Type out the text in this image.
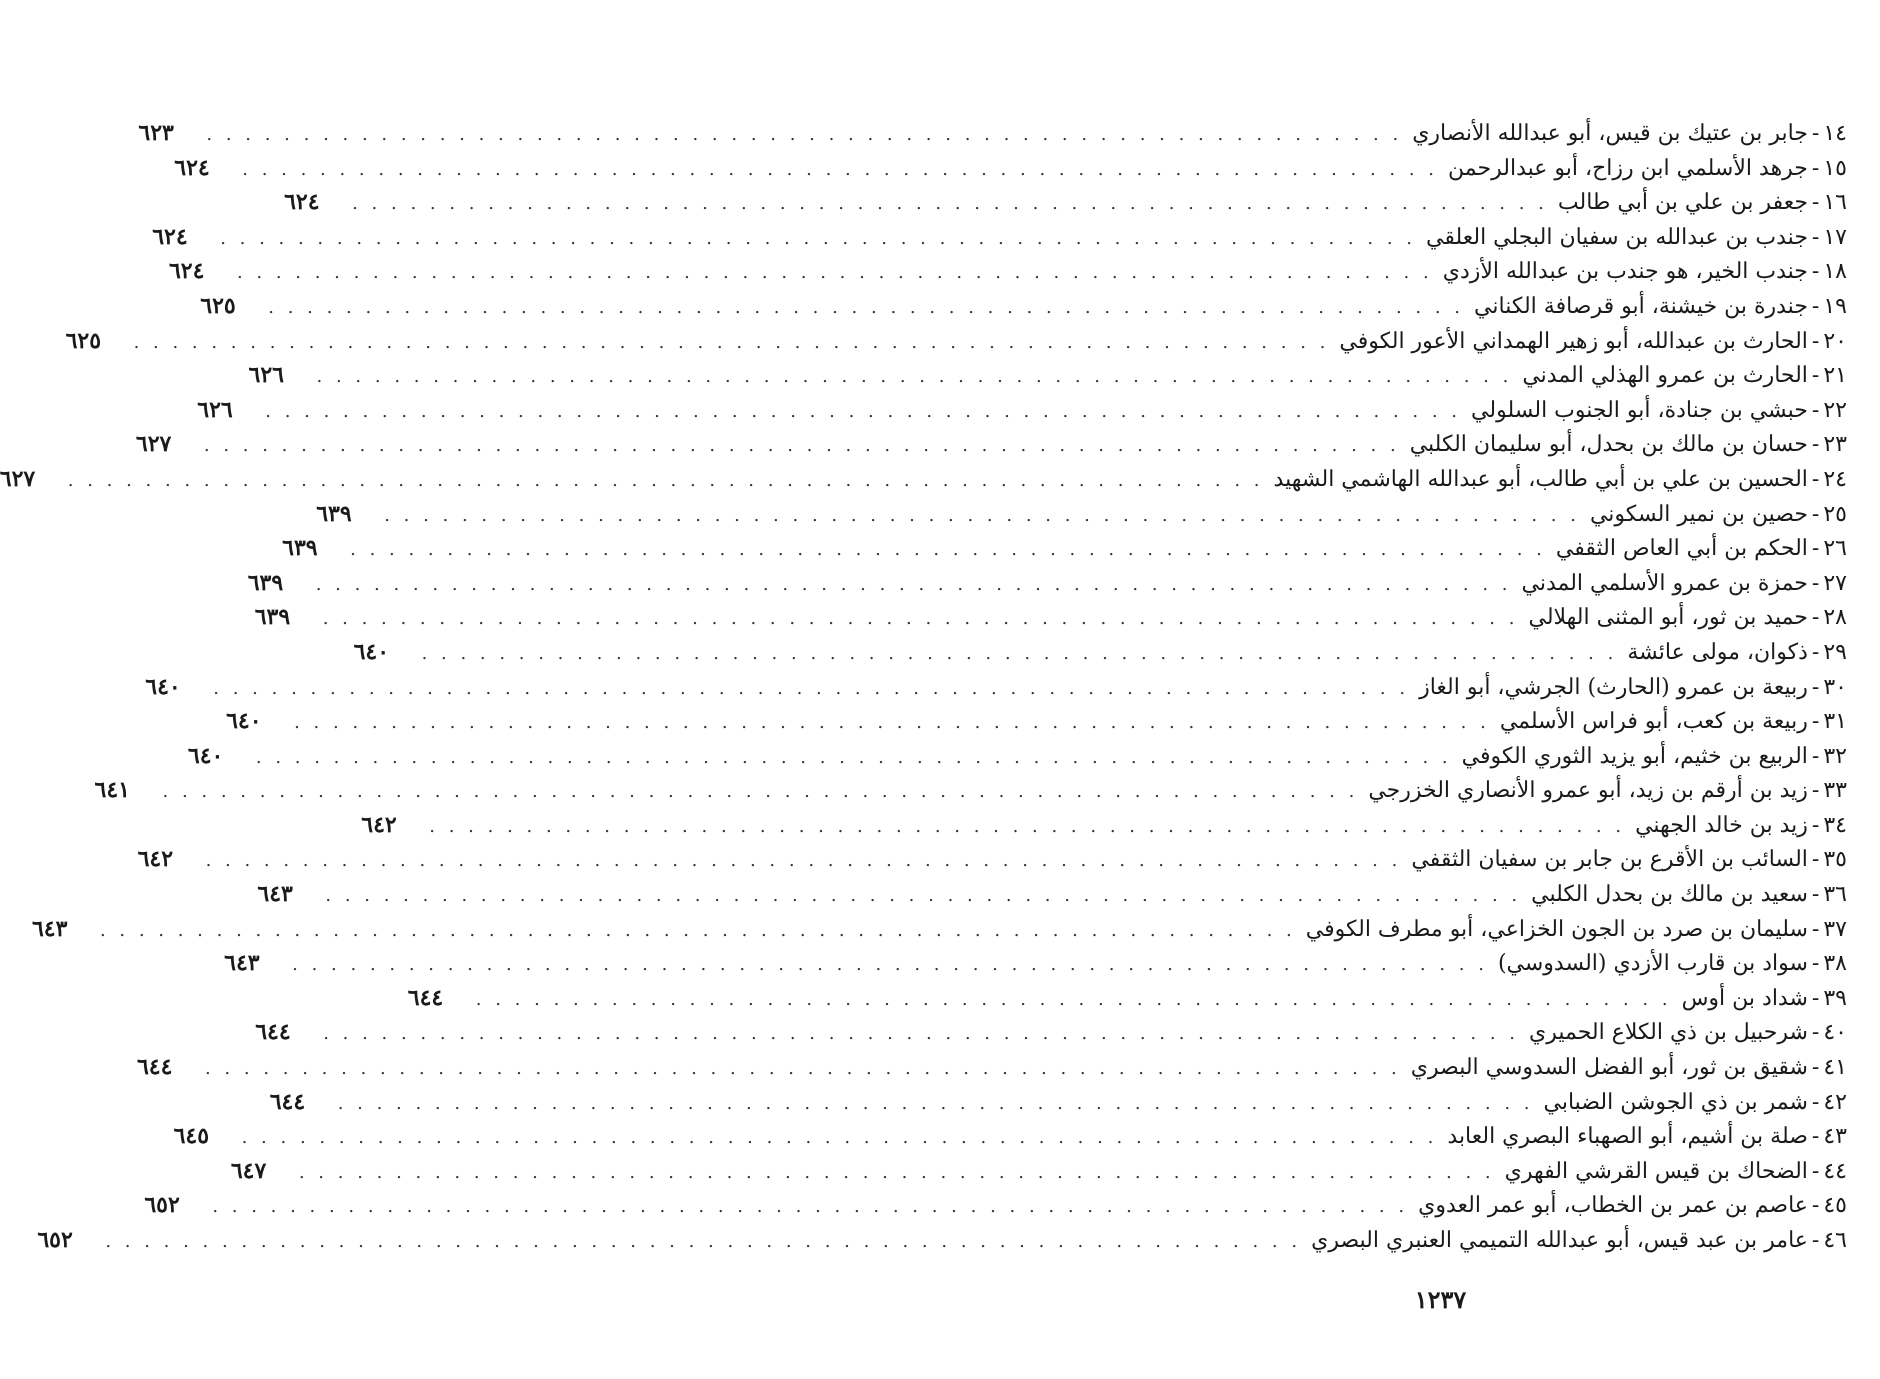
١٤
-
جابر بن عتيك بن قيس، أبو عبدالله الأنصاري
. . . . . . . . . . . . . . . . . . . . . . . . . . . . . . . . . . . . . . . . . . . . . . . . . . . . . . . . . . . . . .
٦٢٣
١٥
-
جرهد الأسلمي ابن رزاح، أبو عبدالرحمن
. . . . . . . . . . . . . . . . . . . . . . . . . . . . . . . . . . . . . . . . . . . . . . . . . . . . . . . . . . . . . .
٦٢٤
١٦
-
جعفر بن علي بن أبي طالب
. . . . . . . . . . . . . . . . . . . . . . . . . . . . . . . . . . . . . . . . . . . . . . . . . . . . . . . . . . . . . .
٦٢٤
١٧
-
جندب بن عبدالله بن سفيان البجلي العلقي
. . . . . . . . . . . . . . . . . . . . . . . . . . . . . . . . . . . . . . . . . . . . . . . . . . . . . . . . . . . . . .
٦٢٤
١٨
-
جندب الخير، هو جندب بن عبدالله الأزدي
. . . . . . . . . . . . . . . . . . . . . . . . . . . . . . . . . . . . . . . . . . . . . . . . . . . . . . . . . . . . . .
٦٢٤
١٩
-
جندرة بن خيشنة، أبو قرصافة الكناني
. . . . . . . . . . . . . . . . . . . . . . . . . . . . . . . . . . . . . . . . . . . . . . . . . . . . . . . . . . . . . .
٦٢٥
٢٠
-
الحارث بن عبدالله، أبو زهير الهمداني الأعور الكوفي
. . . . . . . . . . . . . . . . . . . . . . . . . . . . . . . . . . . . . . . . . . . . . . . . . . . . . . . . . . . . . .
٦٢٥
٢١
-
الحارث بن عمرو الهذلي المدني
. . . . . . . . . . . . . . . . . . . . . . . . . . . . . . . . . . . . . . . . . . . . . . . . . . . . . . . . . . . . . .
٦٢٦
٢٢
-
حبشي بن جنادة، أبو الجنوب السلولي
. . . . . . . . . . . . . . . . . . . . . . . . . . . . . . . . . . . . . . . . . . . . . . . . . . . . . . . . . . . . . .
٦٢٦
٢٣
-
حسان بن مالك بن بحدل، أبو سليمان الكلبي
. . . . . . . . . . . . . . . . . . . . . . . . . . . . . . . . . . . . . . . . . . . . . . . . . . . . . . . . . . . . . .
٦٢٧
٢٤
-
الحسين بن علي بن أبي طالب، أبو عبدالله الهاشمي الشهيد
. . . . . . . . . . . . . . . . . . . . . . . . . . . . . . . . . . . . . . . . . . . . . . . . . . . . . . . . . . . . . .
٦٢٧
٢٥
-
حصين بن نمير السكوني
. . . . . . . . . . . . . . . . . . . . . . . . . . . . . . . . . . . . . . . . . . . . . . . . . . . . . . . . . . . . . .
٦٣٩
٢٦
-
الحكم بن أبي العاص الثقفي
. . . . . . . . . . . . . . . . . . . . . . . . . . . . . . . . . . . . . . . . . . . . . . . . . . . . . . . . . . . . . .
٦٣٩
٢٧
-
حمزة بن عمرو الأسلمي المدني
. . . . . . . . . . . . . . . . . . . . . . . . . . . . . . . . . . . . . . . . . . . . . . . . . . . . . . . . . . . . . .
٦٣٩
٢٨
-
حميد بن ثور، أبو المثنى الهلالي
. . . . . . . . . . . . . . . . . . . . . . . . . . . . . . . . . . . . . . . . . . . . . . . . . . . . . . . . . . . . . .
٦٣٩
٢٩
-
ذكوان، مولى عائشة
. . . . . . . . . . . . . . . . . . . . . . . . . . . . . . . . . . . . . . . . . . . . . . . . . . . . . . . . . . . . . .
٦٤٠
٣٠
-
ربيعة بن عمرو (الحارث) الجرشي، أبو الغاز
. . . . . . . . . . . . . . . . . . . . . . . . . . . . . . . . . . . . . . . . . . . . . . . . . . . . . . . . . . . . . .
٦٤٠
٣١
-
ربيعة بن كعب، أبو فراس الأسلمي
. . . . . . . . . . . . . . . . . . . . . . . . . . . . . . . . . . . . . . . . . . . . . . . . . . . . . . . . . . . . . .
٦٤٠
٣٢
-
الربيع بن خثيم، أبو يزيد الثوري الكوفي
. . . . . . . . . . . . . . . . . . . . . . . . . . . . . . . . . . . . . . . . . . . . . . . . . . . . . . . . . . . . . .
٦٤٠
٣٣
-
زيد بن أرقم بن زيد، أبو عمرو الأنصاري الخزرجي
. . . . . . . . . . . . . . . . . . . . . . . . . . . . . . . . . . . . . . . . . . . . . . . . . . . . . . . . . . . . . .
٦٤١
٣٤
-
زيد بن خالد الجهني
. . . . . . . . . . . . . . . . . . . . . . . . . . . . . . . . . . . . . . . . . . . . . . . . . . . . . . . . . . . . . .
٦٤٢
٣٥
-
السائب بن الأقرع بن جابر بن سفيان الثقفي
. . . . . . . . . . . . . . . . . . . . . . . . . . . . . . . . . . . . . . . . . . . . . . . . . . . . . . . . . . . . . .
٦٤٢
٣٦
-
سعيد بن مالك بن بحدل الكلبي
. . . . . . . . . . . . . . . . . . . . . . . . . . . . . . . . . . . . . . . . . . . . . . . . . . . . . . . . . . . . . .
٦٤٣
٣٧
-
سليمان بن صرد بن الجون الخزاعي، أبو مطرف الكوفي
. . . . . . . . . . . . . . . . . . . . . . . . . . . . . . . . . . . . . . . . . . . . . . . . . . . . . . . . . . . . . .
٦٤٣
٣٨
-
سواد بن قارب الأزدي (السدوسي)
. . . . . . . . . . . . . . . . . . . . . . . . . . . . . . . . . . . . . . . . . . . . . . . . . . . . . . . . . . . . . .
٦٤٣
٣٩
-
شداد بن أوس
. . . . . . . . . . . . . . . . . . . . . . . . . . . . . . . . . . . . . . . . . . . . . . . . . . . . . . . . . . . . . .
٦٤٤
٤٠
-
شرحبيل بن ذي الكلاع الحميري
. . . . . . . . . . . . . . . . . . . . . . . . . . . . . . . . . . . . . . . . . . . . . . . . . . . . . . . . . . . . . .
٦٤٤
٤١
-
شقيق بن ثور، أبو الفضل السدوسي البصري
. . . . . . . . . . . . . . . . . . . . . . . . . . . . . . . . . . . . . . . . . . . . . . . . . . . . . . . . . . . . . .
٦٤٤
٤٢
-
شمر بن ذي الجوشن الضبابي
. . . . . . . . . . . . . . . . . . . . . . . . . . . . . . . . . . . . . . . . . . . . . . . . . . . . . . . . . . . . . .
٦٤٤
٤٣
-
صلة بن أشيم، أبو الصهباء البصري العابد
. . . . . . . . . . . . . . . . . . . . . . . . . . . . . . . . . . . . . . . . . . . . . . . . . . . . . . . . . . . . . .
٦٤٥
٤٤
-
الضحاك بن قيس القرشي الفهري
. . . . . . . . . . . . . . . . . . . . . . . . . . . . . . . . . . . . . . . . . . . . . . . . . . . . . . . . . . . . . .
٦٤٧
٤٥
-
عاصم بن عمر بن الخطاب، أبو عمر العدوي
. . . . . . . . . . . . . . . . . . . . . . . . . . . . . . . . . . . . . . . . . . . . . . . . . . . . . . . . . . . . . .
٦٥٢
٤٦
-
عامر بن عبد قيس، أبو عبدالله التميمي العنبري البصري
. . . . . . . . . . . . . . . . . . . . . . . . . . . . . . . . . . . . . . . . . . . . . . . . . . . . . . . . . . . . . .
٦٥٢
١٢٣٧
